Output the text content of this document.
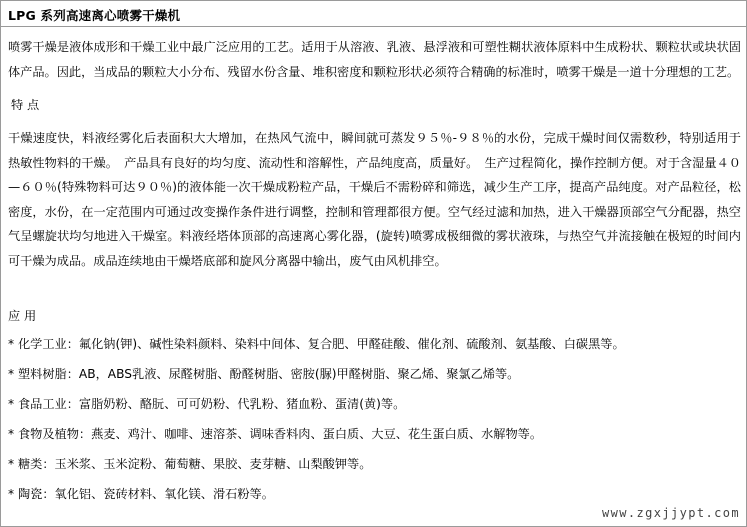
LPG 系列高速离心喷雾干燥机

喷雾干燥是液体成形和干燥工业中最广泛应用的工艺。适用于从溶液、乳液、悬浮液和可塑性糊状液体原料中生成粉状、颗粒状或块状固体产品。因此，当成品的颗粒大小分布、残留水份含量、堆积密度和颗粒形状必须符合精确的标准时，喷雾干燥是一道十分理想的工艺。

特 点

干燥速度快，料液经雾化后表面积大大增加，在热风气流中，瞬间就可蒸发９５％-９８％的水份，完成干燥时间仅需数秒，特别适用于热敏性物料的干燥。　产品具有良好的均匀度、流动性和溶解性，产品纯度高，质量好。　生产过程简化，操作控制方便。对于含湿量４０—６０％(特殊物料可达９０％)的液体能一次干燥成粉粒产品，干燥后不需粉碎和筛选，减少生产工序，提高产品纯度。对产品粒径，松密度，水份，在一定范围内可通过改变操作条件进行调整，控制和管理都很方便。空气经过滤和加热，进入干燥器顶部空气分配器，热空气呈螺旋状均匀地进入干燥室。料液经塔体顶部的高速离心雾化器，(旋转)喷雾成极细微的雾状液珠，与热空气并流接触在极短的时间内可干燥为成品。成品连续地由干燥塔底部和旋风分离器中输出，废气由风机排空。

应 用
* 化学工业：氟化钠(钾)、碱性染料颜料、染料中间体、复合肥、甲醛硅酸、催化剂、硫酸剂、氨基酸、白碳黑等。
* 塑料树脂：AB，ABS乳液、尿醛树脂、酚醛树脂、密胺(脲)甲醛树脂、聚乙烯、聚氯乙烯等。
* 食品工业：富脂奶粉、酪朊、可可奶粉、代乳粉、猪血粉、蛋清(黄)等。
* 食物及植物：燕麦、鸡汁、咖啡、速溶茶、调味香料肉、蛋白质、大豆、花生蛋白质、水解物等。
* 糖类：玉米浆、玉米淀粉、葡萄糖、果胶、麦芽糖、山梨酸钾等。
* 陶瓷：氧化铝、瓷砖材料、氧化镁、滑石粉等。
www.zgxjjypt.com
